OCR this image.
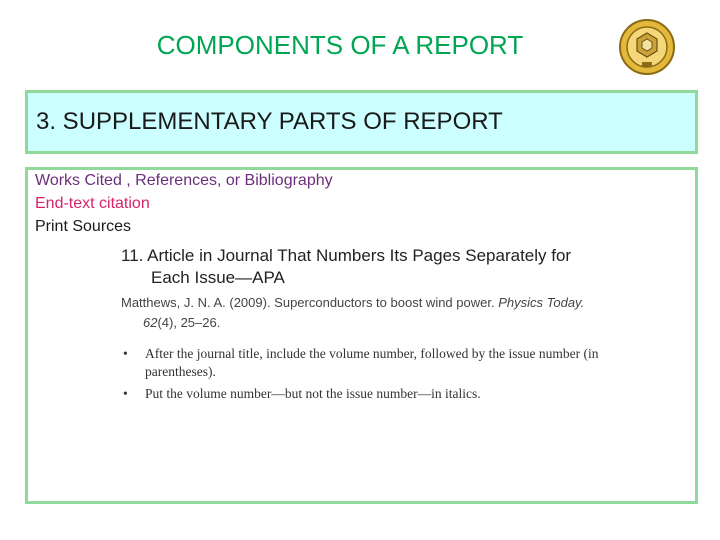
COMPONENTS OF A REPORT
3. SUPPLEMENTARY PARTS OF REPORT
Works Cited , References, or Bibliography
End-text citation
Print Sources
11. Article in Journal That Numbers Its Pages Separately for
Each Issue—APA
Matthews, J. N. A. (2009). Superconductors to boost wind power. Physics Today.
62(4), 25–26.
• After the journal title, include the volume number, followed by the issue number (in parentheses).
• Put the volume number—but not the issue number—in italics.
